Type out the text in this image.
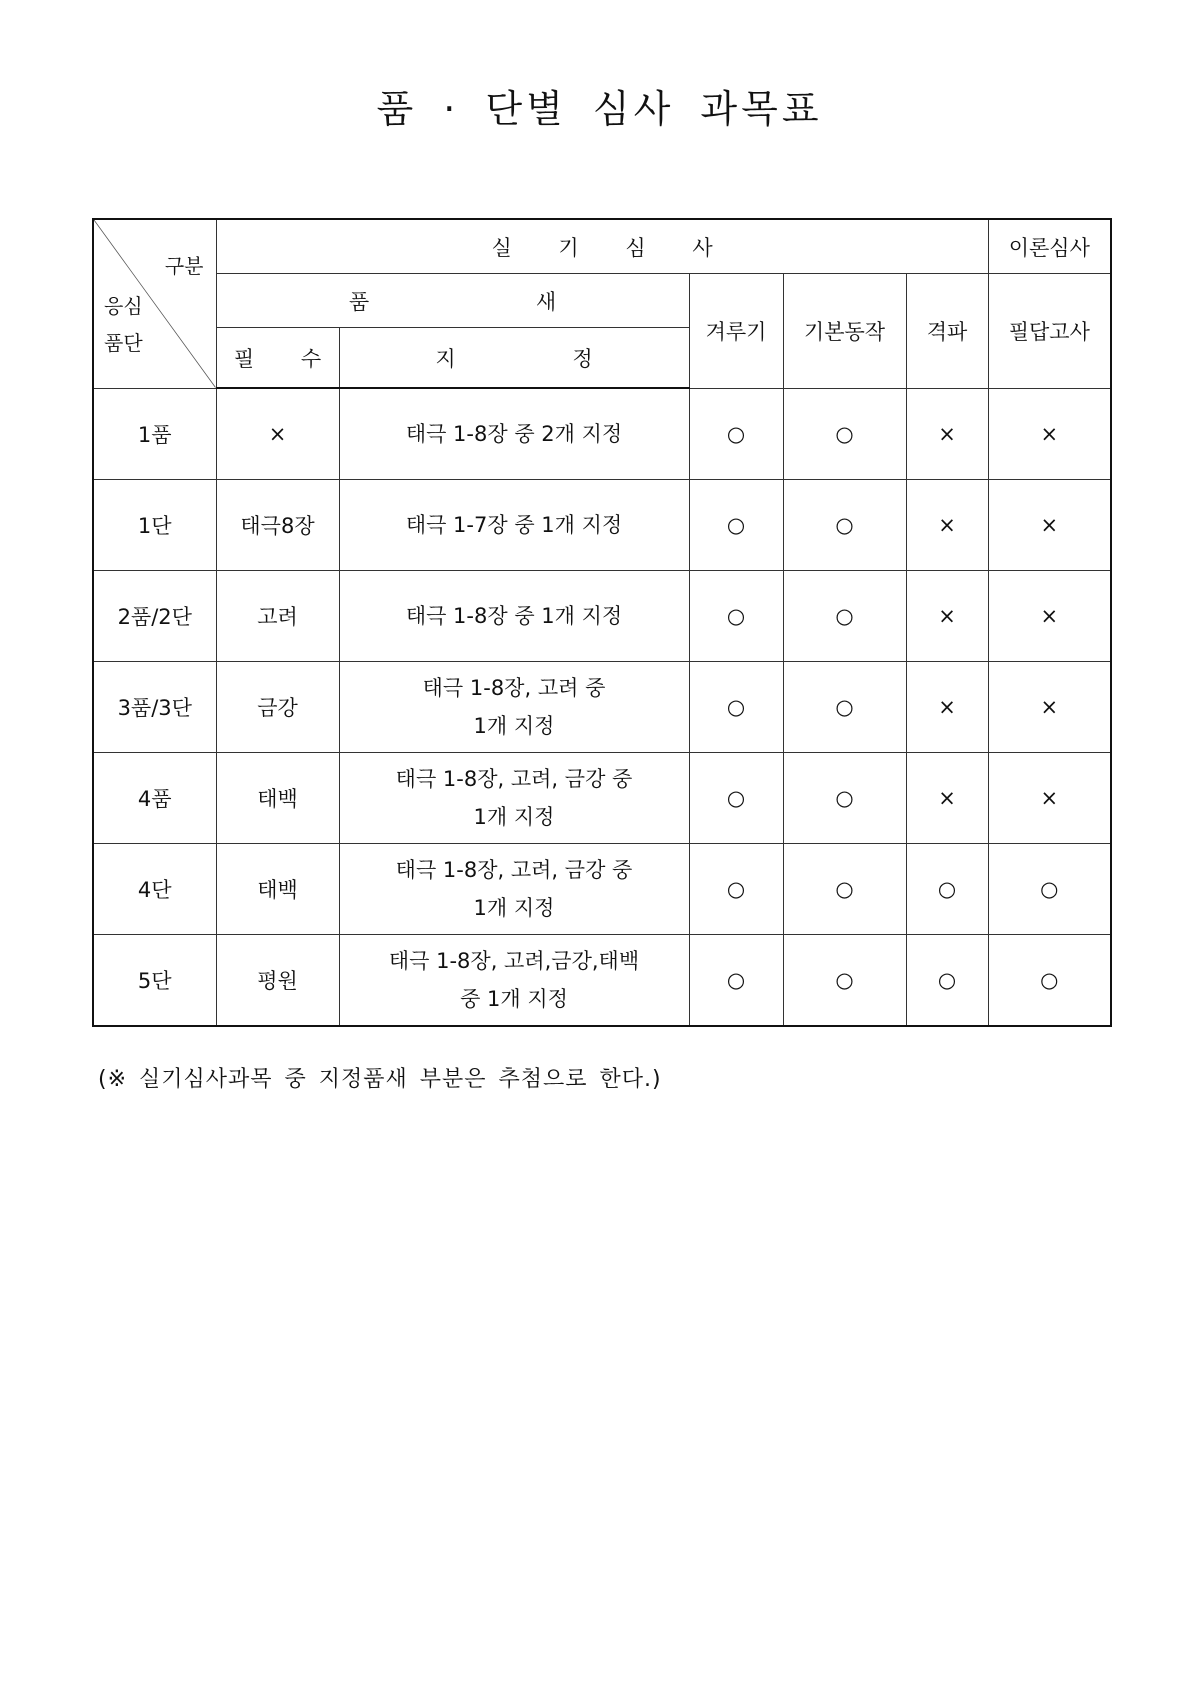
품 · 단별 심사 과목표
구분
응심
품단	실 기 심 사					이론심사
	품 새		겨루기	기본동작	격파	필답고사
	필 수	지 정				
1품	×	태극 1-8장 중 2개 지정	○	○	×	×
1단	태극8장	태극 1-7장 중 1개 지정	○	○	×	×
2품/2단	고려	태극 1-8장 중 1개 지정	○	○	×	×
3품/3단	금강	태극 1-8장, 고려 중
1개 지정	○	○	×	×
4품	태백	태극 1-8장, 고려, 금강 중
1개 지정	○	○	×	×
4단	태백	태극 1-8장, 고려, 금강 중
1개 지정	○	○	○	○
5단	평원	태극 1-8장, 고려,금강,태백
중 1개 지정	○	○	○	○
(※ 실기심사과목 중 지정품새 부분은 추첨으로 한다.)
